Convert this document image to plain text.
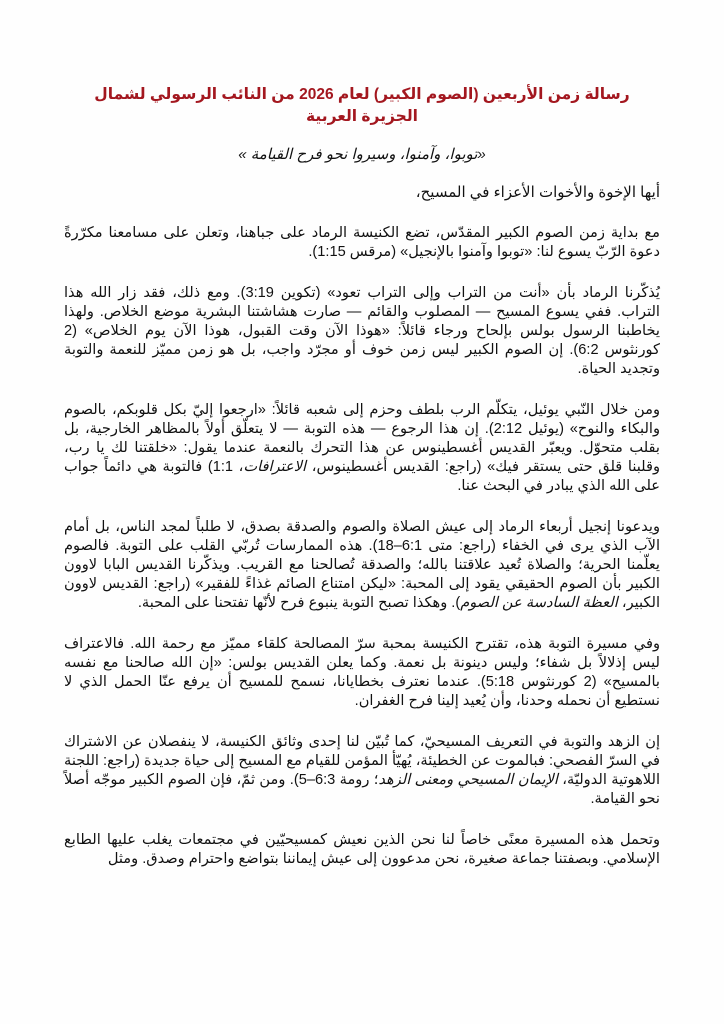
رسالة زمن الأربعين (الصوم الكبير) لعام 2026 من النائب الرسولي لشمال الجزيرة العربية

«توبوا، وآمنوا، وسيروا نحو فرح القيامة »

أيها الإخوة والأخوات الأعزاء في المسيح،

مع بداية زمن الصوم الكبير المقدّس، تضع الكنيسة الرماد على جباهنا، وتعلن على مسامعنا مكرّرةً دعوة الرّبّ يسوع لنا: «توبوا وآمنوا بالإنجيل» (مرقس 1:15).

يُذكّرنا الرماد بأن «أنت من التراب وإلى التراب تعود» (تكوين 3:19). ومع ذلك، فقد زار الله هذا التراب. ففي يسوع المسيح — المصلوب والقائم — صارت هشاشتنا البشرية موضع الخلاص. ولهذا يخاطبنا الرسول بولس بإلحاح ورجاء قائلاً: «هوذا الآن وقت القبول، هوذا الآن يوم الخلاص» (2 كورنثوس 6:2). إن الصوم الكبير ليس زمن خوف أو مجرّد واجب، بل هو زمن مميّز للنعمة والتوبة وتجديد الحياة.

ومن خلال النّبي يوئيل، يتكلّم الرب بلطف وحزم إلى شعبه قائلاً: «ارجعوا إليّ بكل قلوبكم، بالصوم والبكاء والنوح» (يوئيل 2:12). إن هذا الرجوع — هذه التوبة — لا يتعلّق أولاً بالمظاهر الخارجية، بل بقلب متحوّل. ويعبّر القديس أغسطينوس عن هذا التحرك بالنعمة عندما يقول: «خلقتنا لك يا رب، وقلبنا قلق حتى يستقر فيك» (راجع: القديس أغسطينوس، الاعترافات، 1:1) فالتوبة هي دائماً جواب على الله الذي يبادر في البحث عنا.

ويدعونا إنجيل أربعاء الرماد إلى عيش الصلاة والصوم والصدقة بصدق، لا طلباً لمجد الناس، بل أمام الآب الذي يرى في الخفاء (راجع: متى 6:1–18). هذه الممارسات تُربّي القلب على التوبة. فالصوم يعلّمنا الحرية؛ والصلاة تُعيد علاقتنا بالله؛ والصدقة تُصالحنا مع القريب. ويذكّرنا القديس البابا لاوون الكبير بأن الصوم الحقيقي يقود إلى المحبة: «ليكن امتناع الصائم غذاءً للفقير» (راجع: القديس لاوون الكبير، العظة السادسة عن الصوم). وهكذا تصبح التوبة ينبوع فرح لأنّها تفتحنا على المحبة.

وفي مسيرة التوبة هذه، تقترح الكنيسة بمحبة سرّ المصالحة كلقاء مميّز مع رحمة الله. فالاعتراف ليس إذلالاً بل شفاء؛ وليس دينونة بل نعمة. وكما يعلن القديس بولس: «إن الله صالحنا مع نفسه بالمسيح» (2 كورنثوس 5:18). عندما نعترف بخطايانا، نسمح للمسيح أن يرفع عنّا الحمل الذي لا نستطيع أن نحمله وحدنا، وأن يُعيد إلينا فرح الغفران.

إن الزهد والتوبة في التعريف المسيحيّ، كما تُبيّن لنا إحدى وثائق الكنيسة، لا ينفصلان عن الاشتراك في السرّ الفصحي: فبالموت عن الخطيئة، يُهيّأ المؤمن للقيام مع المسيح إلى حياة جديدة (راجع: اللجنة اللاهوتية الدوليّة، الإيمان المسيحي ومعنى الزهد؛ رومة 6:3–5). ومن ثمّ، فإن الصوم الكبير موجّه أصلاً نحو القيامة.

وتحمل هذه المسيرة معنًى خاصاً لنا نحن الذين نعيش كمسيحيّين في مجتمعات يغلب عليها الطابع الإسلامي. وبصفتنا جماعة صغيرة، نحن مدعوون إلى عيش إيماننا بتواضع واحترام وصدق. ومثل
